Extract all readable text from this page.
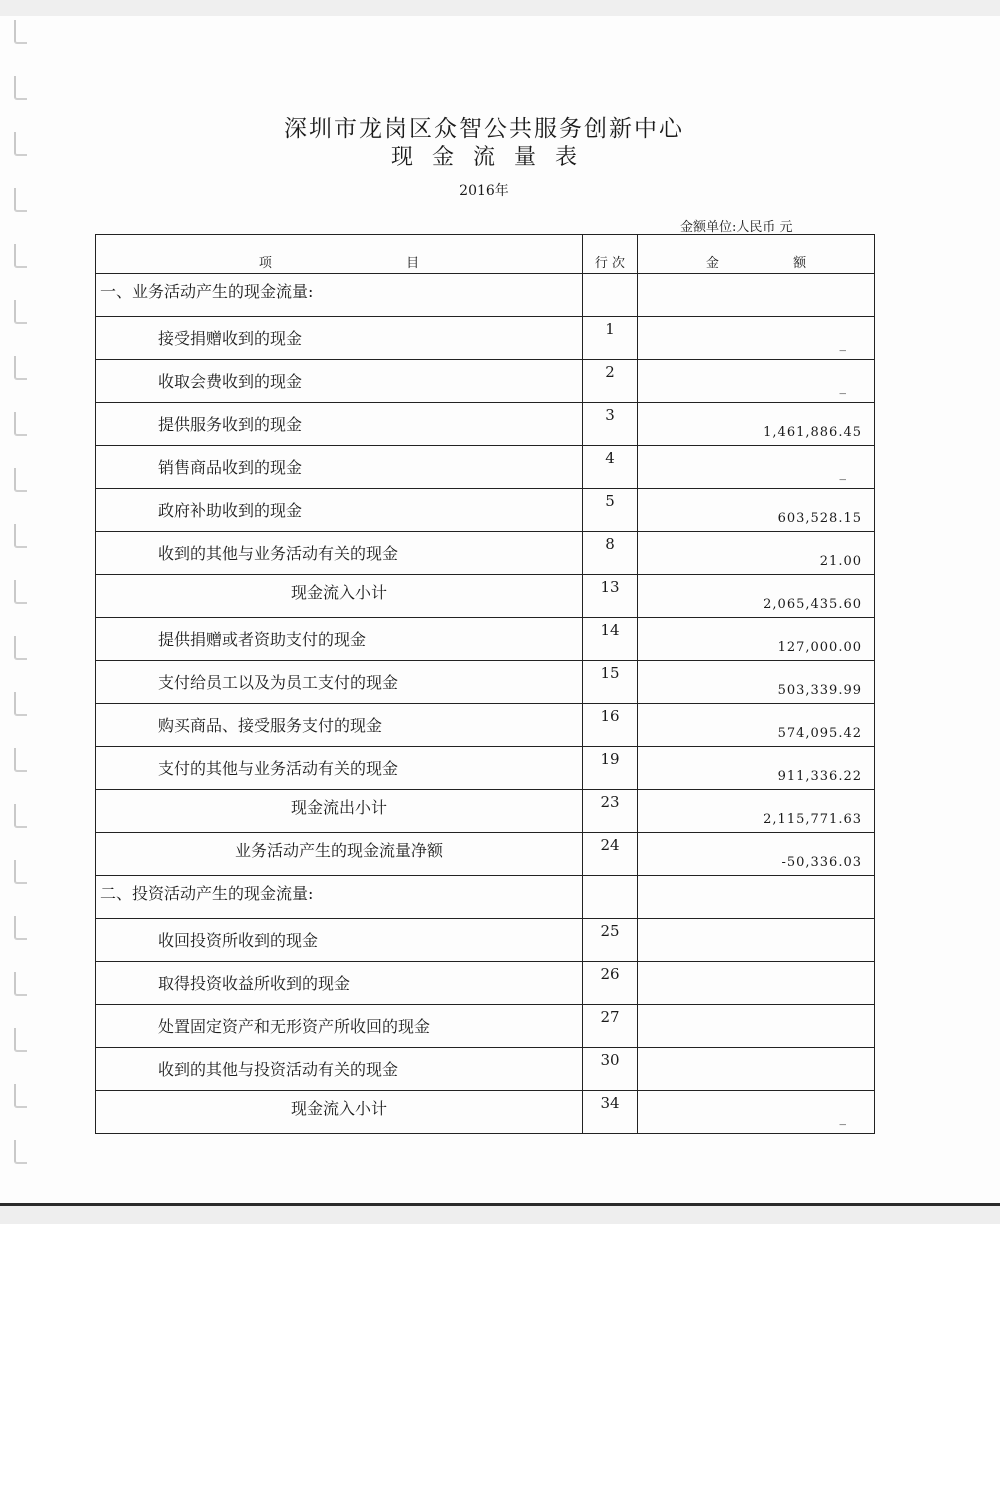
深圳市龙岗区众智公共服务创新中心
现 金 流 量 表
2016年
金额单位:人民币 元
项 目	行 次	金 额

一、业务活动产生的现金流量:		

接受捐赠收到的现金	1	_

收取会费收到的现金	2	_

提供服务收到的现金	3	1,461,886.45

销售商品收到的现金	4	_

政府补助收到的现金	5	603,528.15

收到的其他与业务活动有关的现金	8	21.00

现金流入小计	13	2,065,435.60

提供捐赠或者资助支付的现金	14	127,000.00

支付给员工以及为员工支付的现金	15	503,339.99

购买商品、接受服务支付的现金	16	574,095.42

支付的其他与业务活动有关的现金	19	911,336.22

现金流出小计	23	2,115,771.63

业务活动产生的现金流量净额	24	-50,336.03

二、投资活动产生的现金流量:		

收回投资所收到的现金	25	

取得投资收益所收到的现金	26	

处置固定资产和无形资产所收回的现金	27	

收到的其他与投资活动有关的现金	30	

现金流入小计	34	_
